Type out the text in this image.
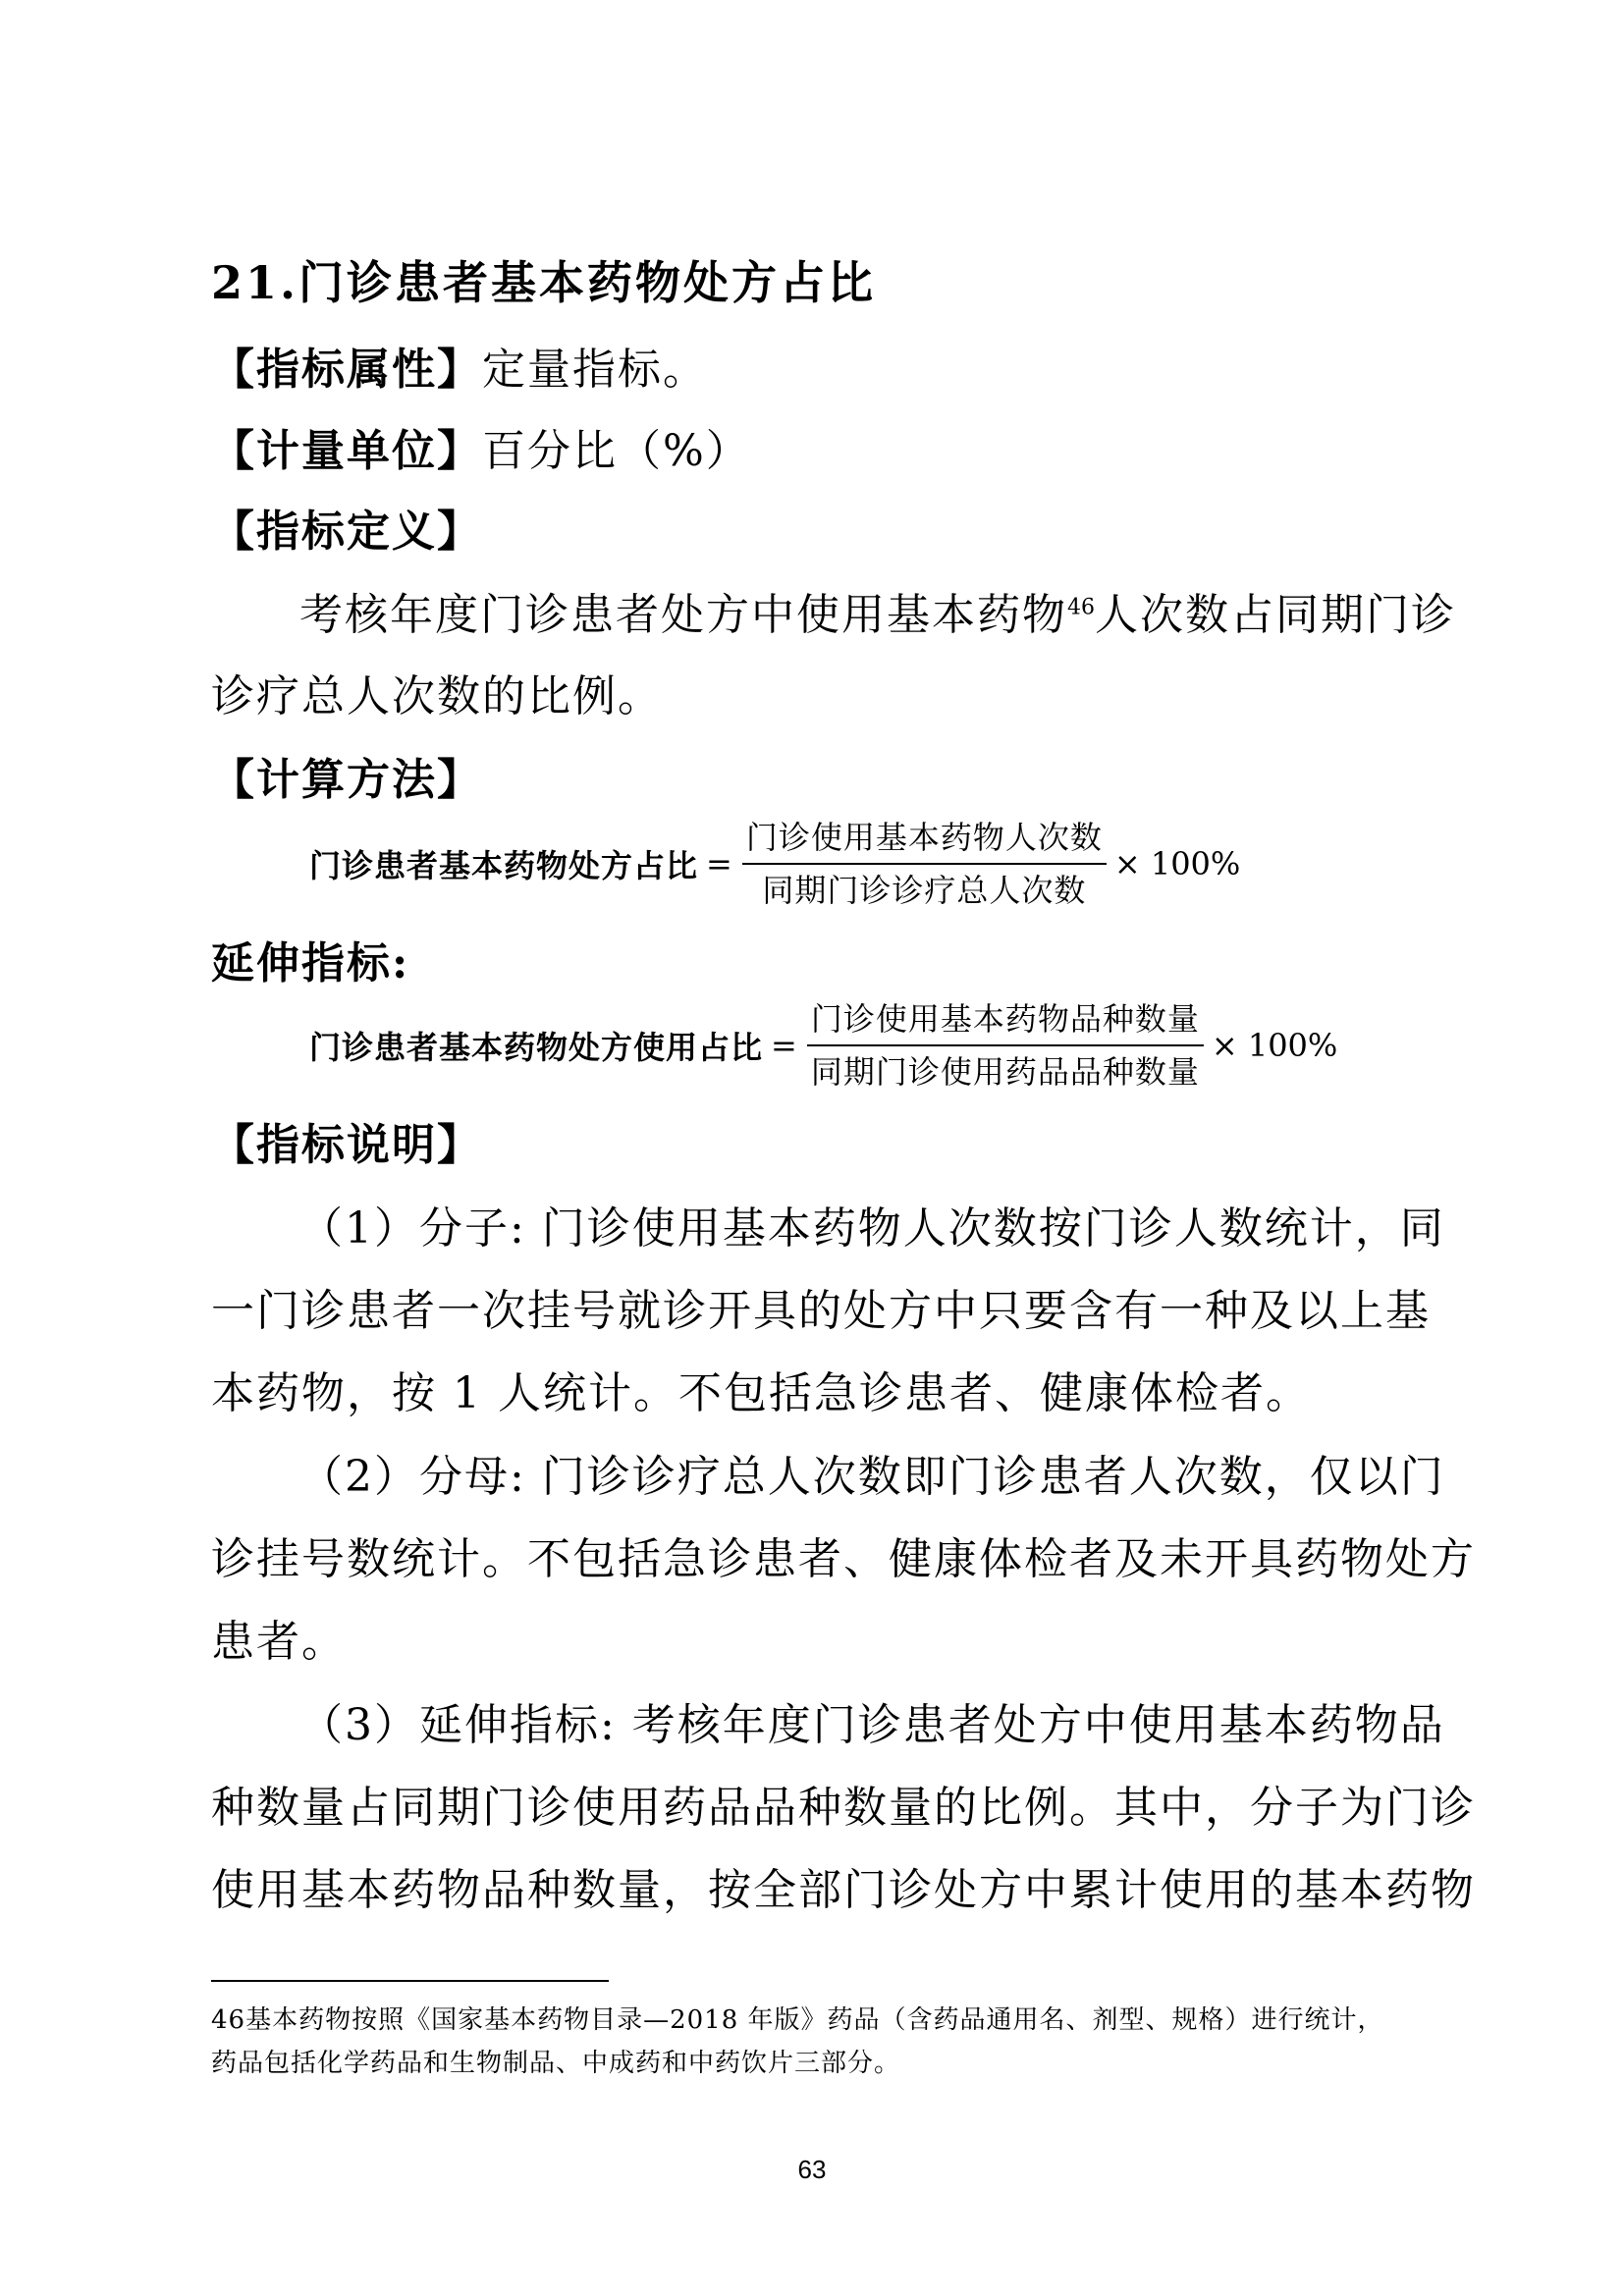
21.门诊患者基本药物处方占比
【指标属性】定量指标。
【计量单位】百分比（%）
【指标定义】
考核年度门诊患者处方中使用基本药物$^{46}$人次数占同期门诊
诊疗总人次数的比例。
【计算方法】
门诊患者基本药物处方占比 = $\frac{\text{门诊使用基本药物人次数}}{\text{同期门诊诊疗总人次数}} \times 100\%$
延伸指标:
门诊患者基本药物处方使用占比 = $\frac{\text{门诊使用基本药物品种数量}}{\text{同期门诊使用药品品种数量}} \times 100\%$
【指标说明】
（1）分子: 门诊使用基本药物人次数按门诊人数统计，同
一门诊患者一次挂号就诊开具的处方中只要含有一种及以上基
本药物，按 1 人统计。不包括急诊患者、健康体检者。
（2）分母: 门诊诊疗总人次数即门诊患者人次数，仅以门
诊挂号数统计。不包括急诊患者、健康体检者及未开具药物处方
患者。
（3）延伸指标: 考核年度门诊患者处方中使用基本药物品
种数量占同期门诊使用药品品种数量的比例。其中，分子为门诊
使用基本药物品种数量，按全部门诊处方中累计使用的基本药物
46基本药物按照《国家基本药物目录—2018 年版》药品（含药品通用名、剂型、规格）进行统计，
药品包括化学药品和生物制品、中成药和中药饮片三部分。
63
